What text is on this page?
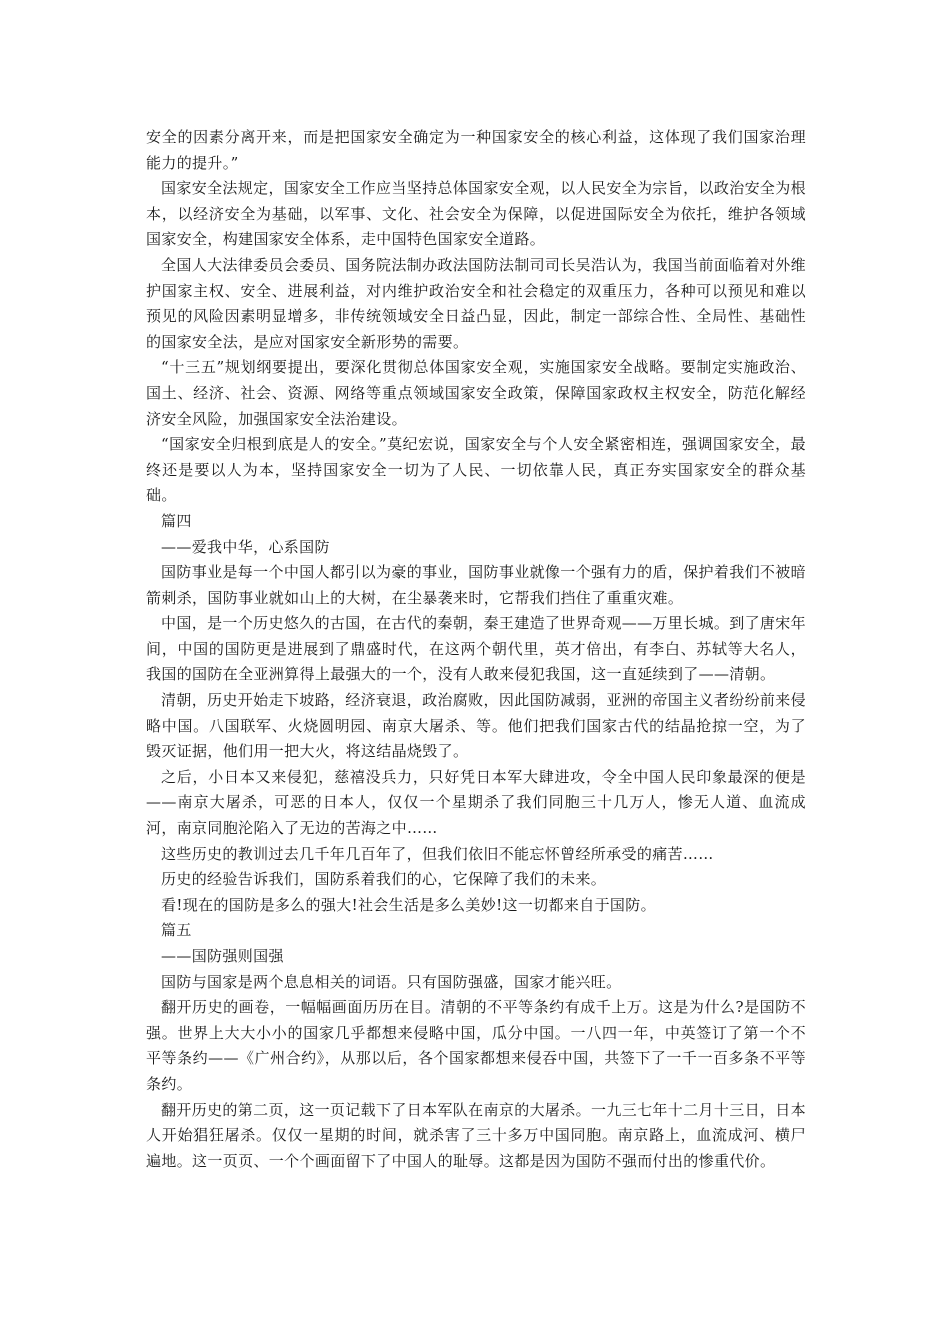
安全的因素分离开来，而是把国家安全确定为一种国家安全的核心利益，这体现了我们国家治理能力的提升。”

国家安全法规定，国家安全工作应当坚持总体国家安全观，以人民安全为宗旨，以政治安全为根本，以经济安全为基础，以军事、文化、社会安全为保障，以促进国际安全为依托，维护各领域国家安全，构建国家安全体系，走中国特色国家安全道路。

全国人大法律委员会委员、国务院法制办政法国防法制司司长吴浩认为，我国当前面临着对外维护国家主权、安全、进展利益，对内维护政治安全和社会稳定的双重压力，各种可以预见和难以预见的风险因素明显增多，非传统领域安全日益凸显，因此，制定一部综合性、全局性、基础性的国家安全法，是应对国家安全新形势的需要。

“十三五”规划纲要提出，要深化贯彻总体国家安全观，实施国家安全战略。要制定实施政治、国土、经济、社会、资源、网络等重点领域国家安全政策，保障国家政权主权安全，防范化解经济安全风险，加强国家安全法治建设。

“国家安全归根到底是人的安全。”莫纪宏说，国家安全与个人安全紧密相连，强调国家安全，最终还是要以人为本，坚持国家安全一切为了人民、一切依靠人民，真正夯实国家安全的群众基础。

篇四

——爱我中华，心系国防

国防事业是每一个中国人都引以为豪的事业，国防事业就像一个强有力的盾，保护着我们不被暗箭刺杀，国防事业就如山上的大树，在尘暴袭来时，它帮我们挡住了重重灾难。

中国，是一个历史悠久的古国，在古代的秦朝，秦王建造了世界奇观——万里长城。到了唐宋年间，中国的国防更是进展到了鼎盛时代，在这两个朝代里，英才倍出，有李白、苏轼等大名人，我国的国防在全亚洲算得上最强大的一个，没有人敢来侵犯我国，这一直延续到了——清朝。

清朝，历史开始走下坡路，经济衰退，政治腐败，因此国防减弱，亚洲的帝国主义者纷纷前来侵略中国。八国联军、火烧圆明园、南京大屠杀、等。他们把我们国家古代的结晶抢掠一空，为了毁灭证据，他们用一把大火，将这结晶烧毁了。

之后，小日本又来侵犯，慈禧没兵力，只好凭日本军大肆进攻，令全中国人民印象最深的便是——南京大屠杀，可恶的日本人，仅仅一个星期杀了我们同胞三十几万人，惨无人道、血流成河，南京同胞沦陷入了无边的苦海之中……

这些历史的教训过去几千年几百年了，但我们依旧不能忘怀曾经所承受的痛苦……

历史的经验告诉我们，国防系着我们的心，它保障了我们的未来。

看!现在的国防是多么的强大!社会生活是多么美妙!这一切都来自于国防。

篇五

——国防强则国强

国防与国家是两个息息相关的词语。只有国防强盛，国家才能兴旺。

翻开历史的画卷，一幅幅画面历历在目。清朝的不平等条约有成千上万。这是为什么?是国防不强。世界上大大小小的国家几乎都想来侵略中国，瓜分中国。一八四一年，中英签订了第一个不平等条约——《广州合约》，从那以后，各个国家都想来侵吞中国，共签下了一千一百多条不平等条约。

翻开历史的第二页，这一页记载下了日本军队在南京的大屠杀。一九三七年十二月十三日，日本人开始猖狂屠杀。仅仅一星期的时间，就杀害了三十多万中国同胞。南京路上，血流成河、横尸遍地。这一页页、一个个画面留下了中国人的耻辱。这都是因为国防不强而付出的惨重代价。
